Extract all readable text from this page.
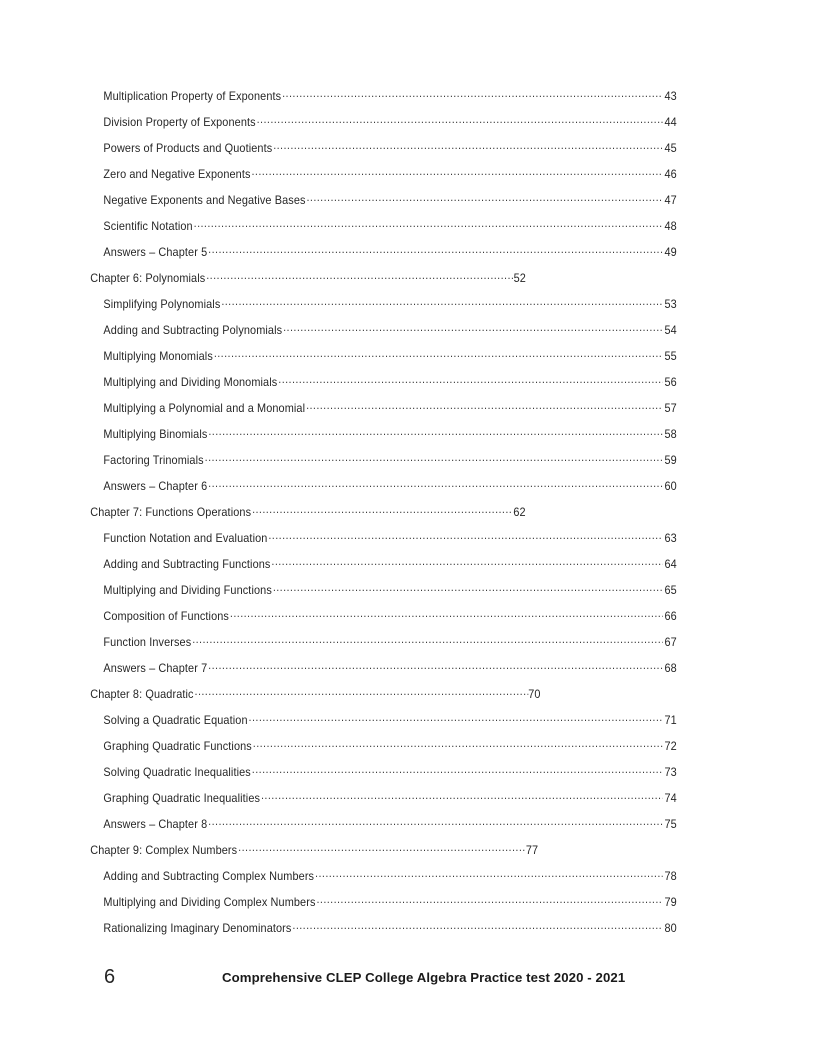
Multiplication Property of Exponents .....	43
Division Property of Exponents .....	44
Powers of Products and Quotients .....	45
Zero and Negative Exponents .....	46
Negative Exponents and Negative Bases .....	47
Scientific Notation .....	48
Answers – Chapter 5 .....	49
Chapter 6: Polynomials .....	52
Simplifying Polynomials .....	53
Adding and Subtracting Polynomials .....	54
Multiplying Monomials .....	55
Multiplying and Dividing Monomials .....	56
Multiplying a Polynomial and a Monomial .....	57
Multiplying Binomials .....	58
Factoring Trinomials .....	59
Answers – Chapter 6 .....	60
Chapter 7: Functions Operations .....	62
Function Notation and Evaluation .....	63
Adding and Subtracting Functions .....	64
Multiplying and Dividing Functions .....	65
Composition of Functions .....	66
Function Inverses .....	67
Answers – Chapter 7 .....	68
Chapter 8: Quadratic .....	70
Solving a Quadratic Equation .....	71
Graphing Quadratic Functions .....	72
Solving Quadratic Inequalities .....	73
Graphing Quadratic Inequalities .....	74
Answers – Chapter 8 .....	75
Chapter 9: Complex Numbers .....	77
Adding and Subtracting Complex Numbers .....	78
Multiplying and Dividing Complex Numbers .....	79
Rationalizing Imaginary Denominators .....	80
6	Comprehensive CLEP College Algebra Practice test 2020 - 2021
